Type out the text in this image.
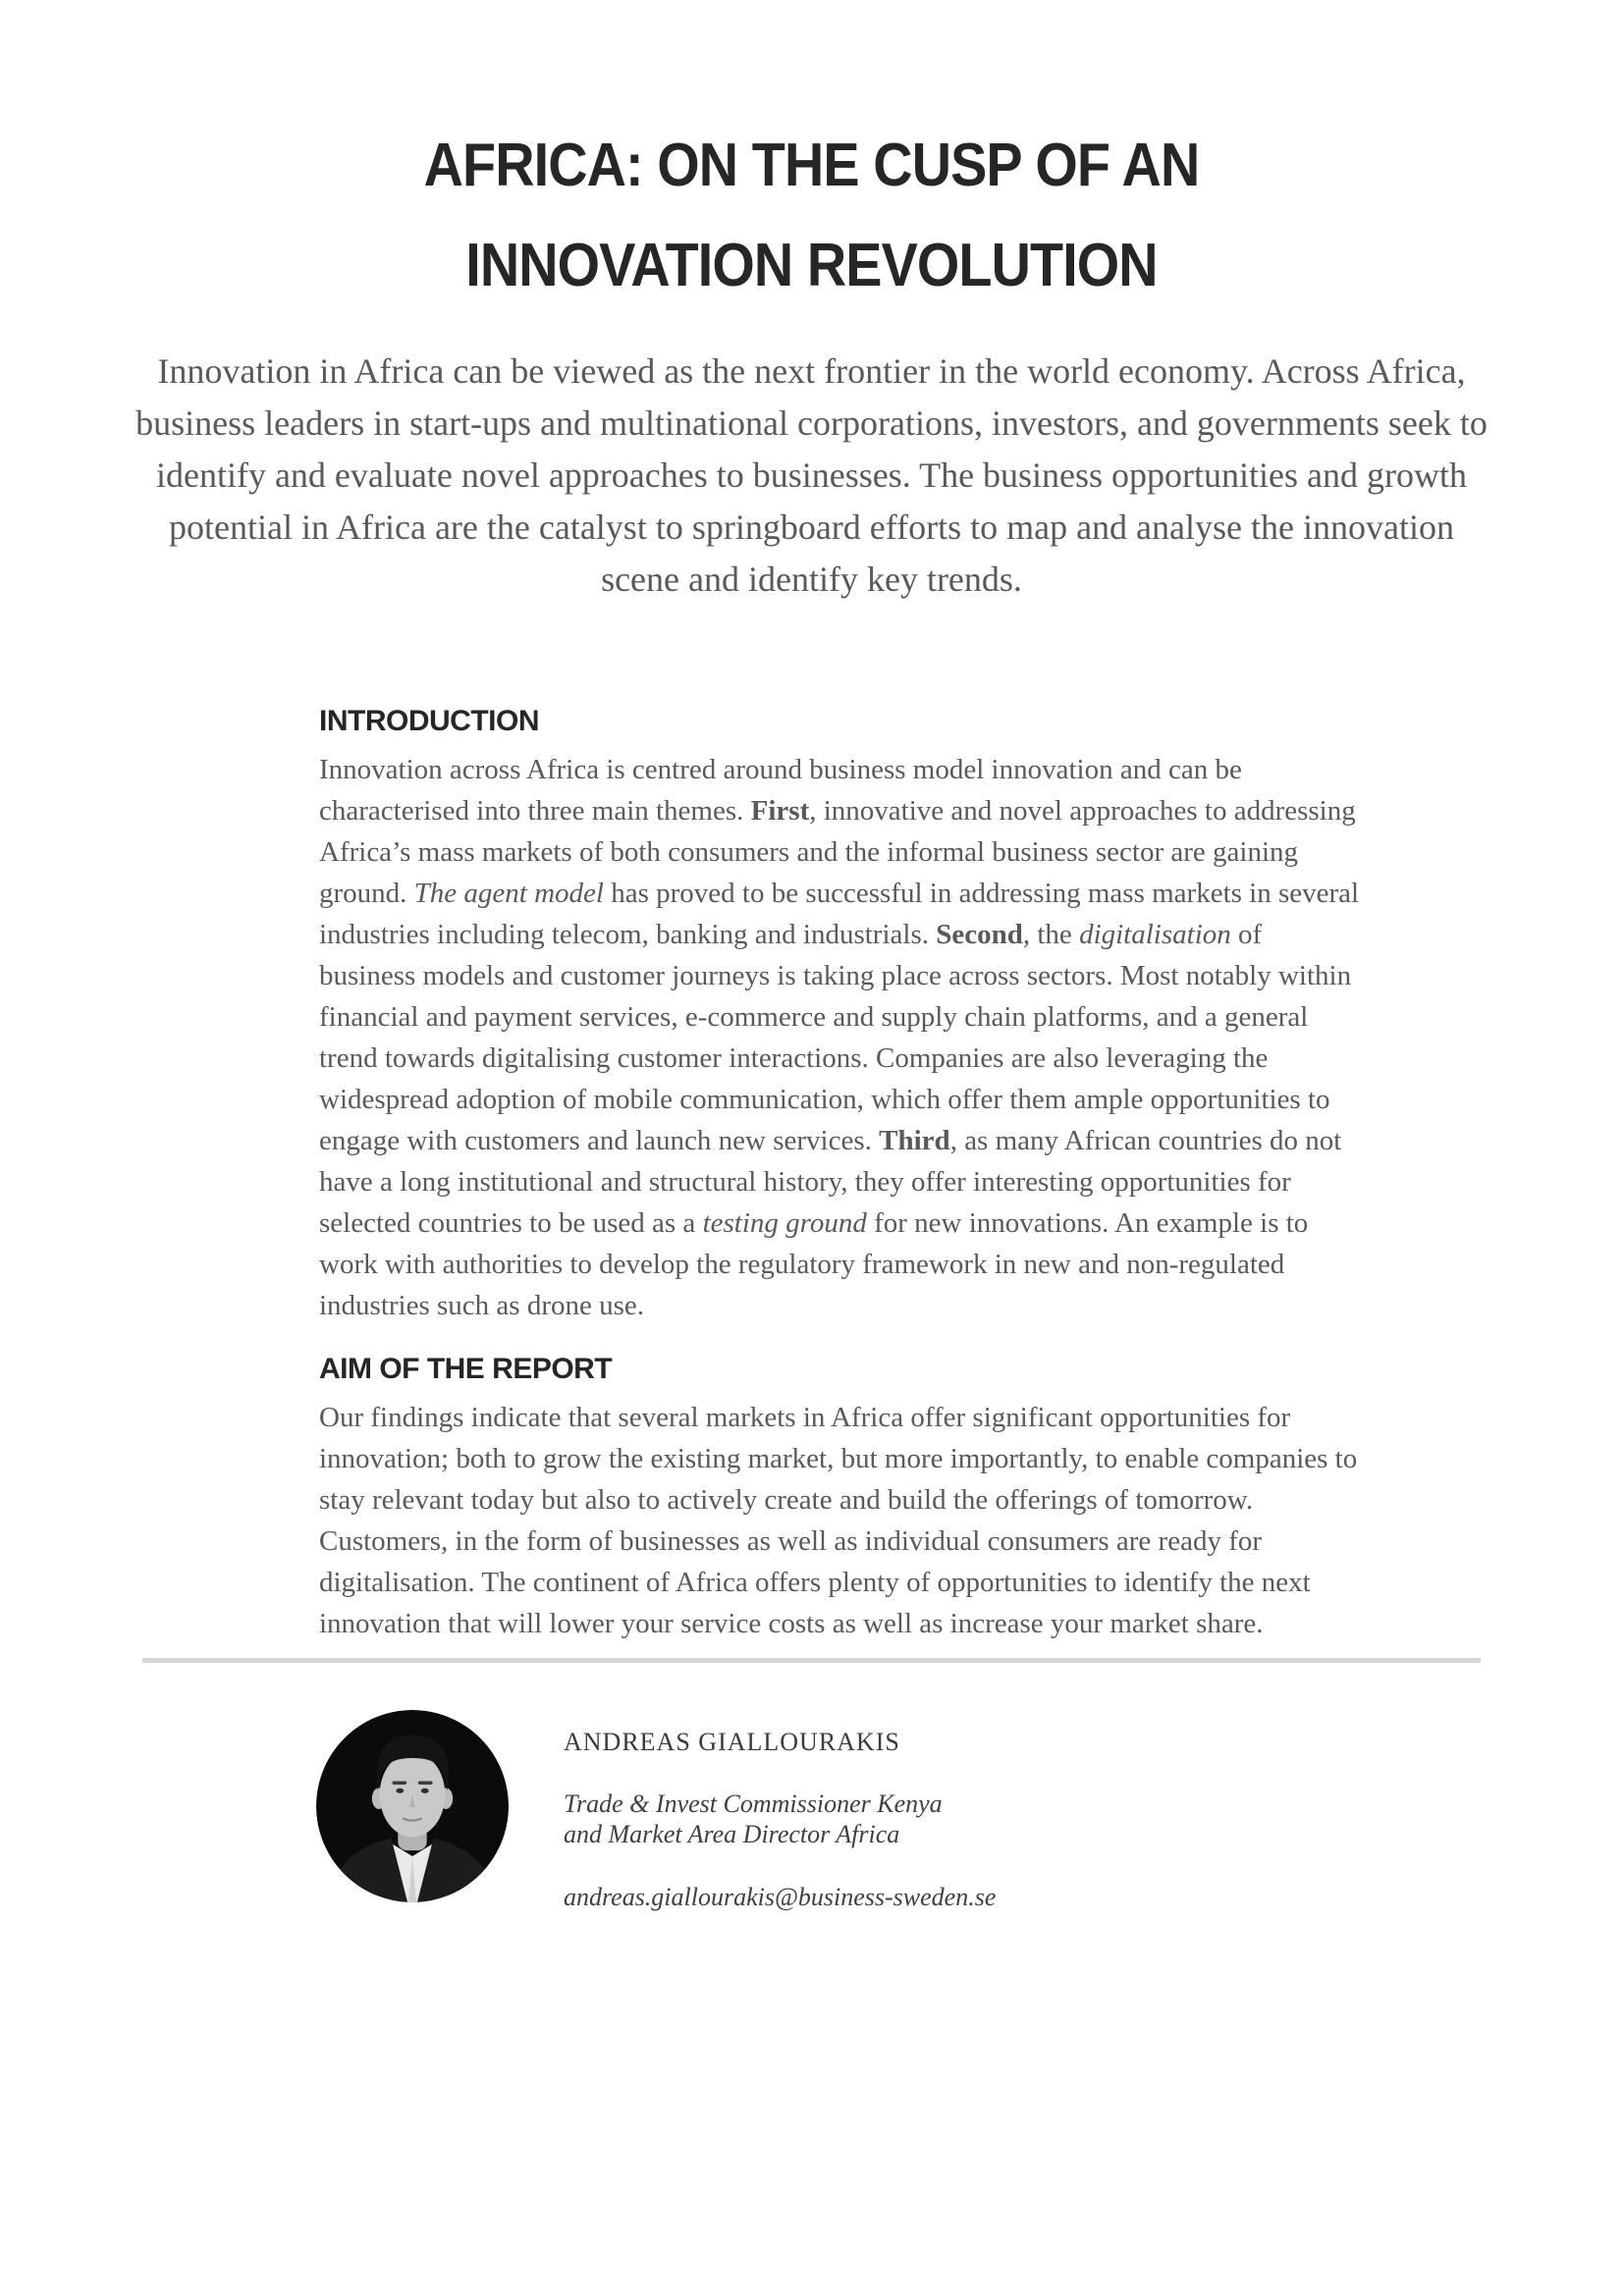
AFRICA: ON THE CUSP OF AN
INNOVATION REVOLUTION

Innovation in Africa can be viewed as the next frontier in the world economy. Across Africa, business leaders in start-ups and multinational corporations, investors, and governments seek to identify and evaluate novel approaches to businesses. The business opportunities and growth potential in Africa are the catalyst to springboard efforts to map and analyse the innovation scene and identify key trends.

INTRODUCTION

Innovation across Africa is centred around business model innovation and can be characterised into three main themes. First, innovative and novel approaches to addressing Africa’s mass markets of both consumers and the informal business sector are gaining ground. The agent model has proved to be successful in addressing mass markets in several industries including telecom, banking and industrials. Second, the digitalisation of business models and customer journeys is taking place across sectors. Most notably within financial and payment services, e-commerce and supply chain platforms, and a general trend towards digitalising customer interactions. Companies are also leveraging the widespread adoption of mobile communication, which offer them ample opportunities to engage with customers and launch new services. Third, as many African countries do not have a long institutional and structural history, they offer interesting opportunities for selected countries to be used as a testing ground for new innovations. An example is to work with authorities to develop the regulatory framework in new and non-regulated industries such as drone use.

AIM OF THE REPORT

Our findings indicate that several markets in Africa offer significant opportunities for innovation; both to grow the existing market, but more importantly, to enable companies to stay relevant today but also to actively create and build the offerings of tomorrow. Customers, in the form of businesses as well as individual consumers are ready for digitalisation. The continent of Africa offers plenty of opportunities to identify the next innovation that will lower your service costs as well as increase your market share.

ANDREAS GIALLOURAKIS
Trade & Invest Commissioner Kenya
and Market Area Director Africa
andreas.giallourakis@business-sweden.se
